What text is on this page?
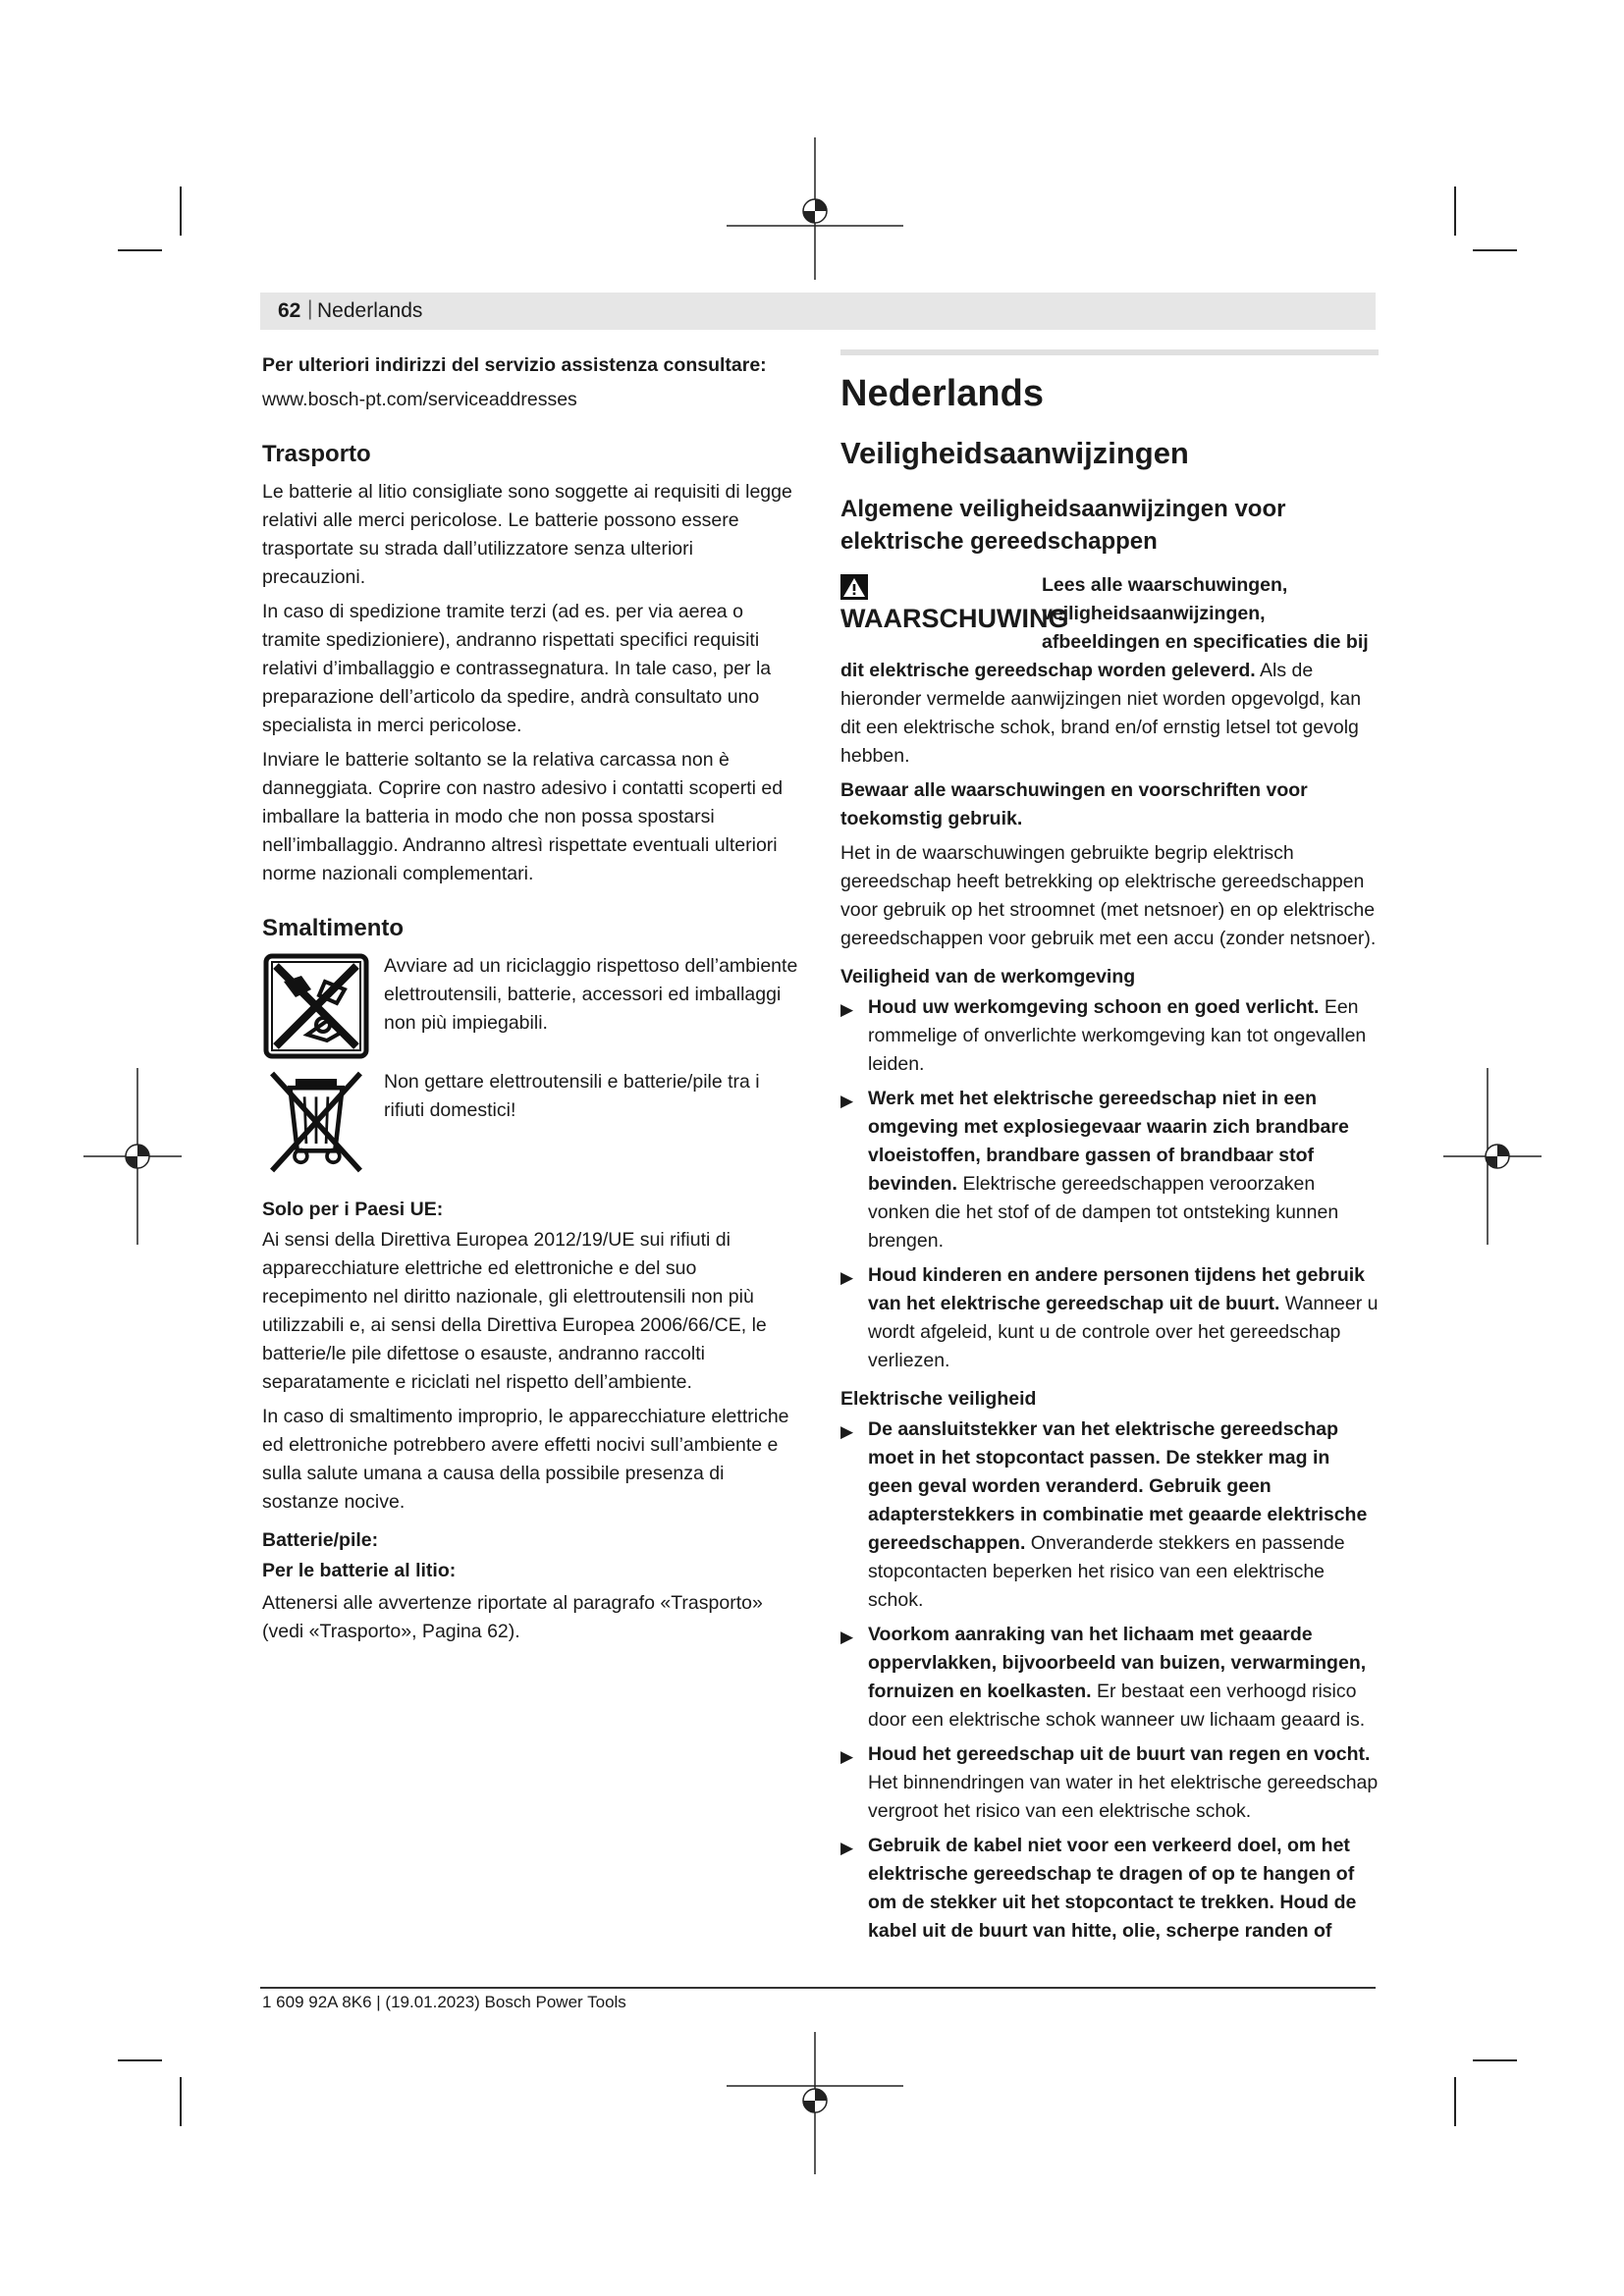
62 | Nederlands

Per ulteriori indirizzi del servizio assistenza consultare:

www.bosch-pt.com/serviceaddresses
Trasporto

Le batterie al litio consigliate sono soggette ai requisiti di legge relativi alle merci pericolose. Le batterie possono essere trasportate su strada dall’utilizzatore senza ulteriori precauzioni.

In caso di spedizione tramite terzi (ad es. per via aerea o tramite spedizioniere), andranno rispettati specifici requisiti relativi d’imballaggio e contrassegnatura. In tale caso, per la preparazione dell’articolo da spedire, andrà consultato uno specialista in merci pericolose.

Inviare le batterie soltanto se la relativa carcassa non è danneggiata. Coprire con nastro adesivo i contatti scoperti ed imballare la batteria in modo che non possa spostarsi nell’imballaggio. Andranno altresì rispettate eventuali ulteriori norme nazionali complementari.

Smaltimento
Avviare ad un riciclaggio rispettoso dell’ambiente elettroutensili, batterie, accessori ed imballaggi non più impiegabili.
Non gettare elettroutensili e batterie/pile tra i rifiuti domestici!
Solo per i Paesi UE:

Ai sensi della Direttiva Europea 2012/19/UE sui rifiuti di apparecchiature elettriche ed elettroniche e del suo recepimento nel diritto nazionale, gli elettroutensili non più utilizzabili e, ai sensi della Direttiva Europea 2006/66/CE, le batterie/le pile difettose o esauste, andranno raccolti separatamente e riciclati nel rispetto dell’ambiente.

In caso di smaltimento improprio, le apparecchiature elettriche ed elettroniche potrebbero avere effetti nocivi sull’ambiente e sulla salute umana a causa della possibile presenza di sostanze nocive.

Batterie/pile:
Per le batterie al litio:

Attenersi alle avvertenze riportate al paragrafo «Trasporto» (vedi «Trasporto», Pagina 62).

Nederlands
Veiligheidsaanwijzingen
Algemene veiligheidsaanwijzingen voor elektrische gereedschappen
WAARSCHUWING

Lees alle waarschuwingen, veiligheidsaanwijzingen, afbeeldingen en specificaties die bij dit elektrische gereedschap worden geleverd. Als de hieronder vermelde aanwijzingen niet worden opgevolgd, kan dit een elektrische schok, brand en/of ernstig letsel tot gevolg hebben.

Bewaar alle waarschuwingen en voorschriften voor toekomstig gebruik.

Het in de waarschuwingen gebruikte begrip elektrisch gereedschap heeft betrekking op elektrische gereedschappen voor gebruik op het stroomnet (met netsnoer) en op elektrische gereedschappen voor gebruik met een accu (zonder netsnoer).

Veiligheid van de werkomgeving

▶ Houd uw werkomgeving schoon en goed verlicht. Een rommelige of onverlichte werkomgeving kan tot ongevallen leiden.

▶ Werk met het elektrische gereedschap niet in een omgeving met explosiegevaar waarin zich brandbare vloeistoffen, brandbare gassen of brandbaar stof bevinden. Elektrische gereedschappen veroorzaken vonken die het stof of de dampen tot ontsteking kunnen brengen.

▶ Houd kinderen en andere personen tijdens het gebruik van het elektrische gereedschap uit de buurt. Wanneer u wordt afgeleid, kunt u de controle over het gereedschap verliezen.

Elektrische veiligheid

▶ De aansluitstekker van het elektrische gereedschap moet in het stopcontact passen. De stekker mag in geen geval worden veranderd. Gebruik geen adapterstekkers in combinatie met geaarde elektrische gereedschappen. Onveranderde stekkers en passende stopcontacten beperken het risico van een elektrische schok.

▶ Voorkom aanraking van het lichaam met geaarde oppervlakken, bijvoorbeeld van buizen, verwarmingen, fornuizen en koelkasten. Er bestaat een verhoogd risico door een elektrische schok wanneer uw lichaam geaard is.

▶ Houd het gereedschap uit de buurt van regen en vocht. Het binnendringen van water in het elektrische gereedschap vergroot het risico van een elektrische schok.

▶ Gebruik de kabel niet voor een verkeerd doel, om het elektrische gereedschap te dragen of op te hangen of om de stekker uit het stopcontact te trekken. Houd de kabel uit de buurt van hitte, olie, scherpe randen of

1 609 92A 8K6 | (19.01.2023) Bosch Power Tools
